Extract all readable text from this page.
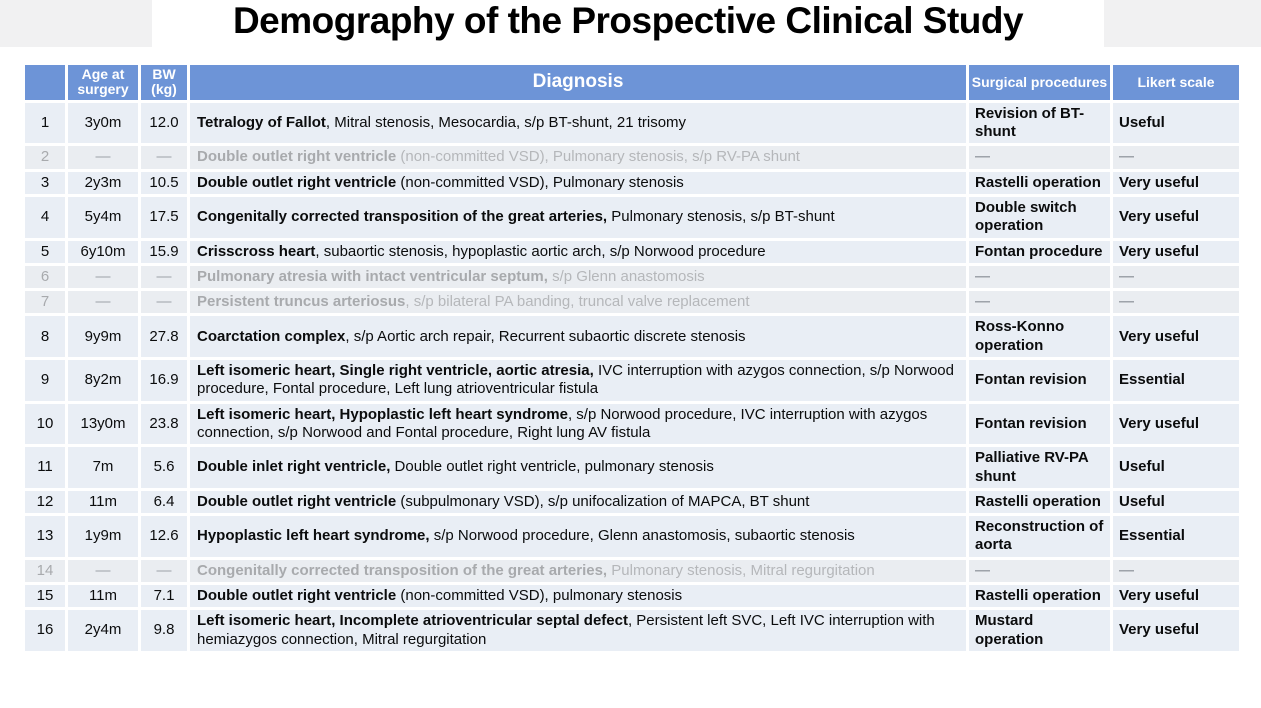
Demography of the Prospective Clinical Study
	Age at surgery	BW (kg)	Diagnosis	Surgical procedures	Likert scale
1	3y0m	12.0	Tetralogy of Fallot, Mitral stenosis, Mesocardia, s/p BT-shunt, 21 trisomy	Revision of BT-shunt	Useful
2	—	—	Double outlet right ventricle (non-committed VSD), Pulmonary stenosis, s/p RV-PA shunt	—	—
3	2y3m	10.5	Double outlet right ventricle (non-committed VSD), Pulmonary stenosis	Rastelli operation	Very useful
4	5y4m	17.5	Congenitally corrected transposition of the great arteries, Pulmonary stenosis, s/p BT-shunt	Double switch operation	Very useful
5	6y10m	15.9	Crisscross heart, subaortic stenosis, hypoplastic aortic arch, s/p Norwood procedure	Fontan procedure	Very useful
6	—	—	Pulmonary atresia with intact ventricular septum, s/p Glenn anastomosis	—	—
7	—	—	Persistent truncus arteriosus, s/p bilateral PA banding, truncal valve replacement	—	—
8	9y9m	27.8	Coarctation complex, s/p Aortic arch repair, Recurrent subaortic discrete stenosis	Ross-Konno operation	Very useful
9	8y2m	16.9	Left isomeric heart, Single right ventricle, aortic atresia, IVC interruption with azygos connection, s/p Norwood procedure, Fontal procedure, Left lung atrioventricular fistula	Fontan revision	Essential
10	13y0m	23.8	Left isomeric heart, Hypoplastic left heart syndrome, s/p Norwood procedure, IVC interruption with azygos connection, s/p Norwood and Fontal procedure, Right lung AV fistula	Fontan revision	Very useful
11	7m	5.6	Double inlet right ventricle, Double outlet right ventricle, pulmonary stenosis	Palliative RV-PA shunt	Useful
12	11m	6.4	Double outlet right ventricle (subpulmonary VSD), s/p unifocalization of MAPCA, BT shunt	Rastelli operation	Useful
13	1y9m	12.6	Hypoplastic left heart syndrome, s/p Norwood procedure, Glenn anastomosis, subaortic stenosis	Reconstruction of aorta	Essential
14	—	—	Congenitally corrected transposition of the great arteries, Pulmonary stenosis, Mitral regurgitation	—	—
15	11m	7.1	Double outlet right ventricle (non-committed VSD), pulmonary stenosis	Rastelli operation	Very useful
16	2y4m	9.8	Left isomeric heart, Incomplete atrioventricular septal defect, Persistent left SVC, Left IVC interruption with hemiazygos connection, Mitral regurgitation	Mustard operation	Very useful
